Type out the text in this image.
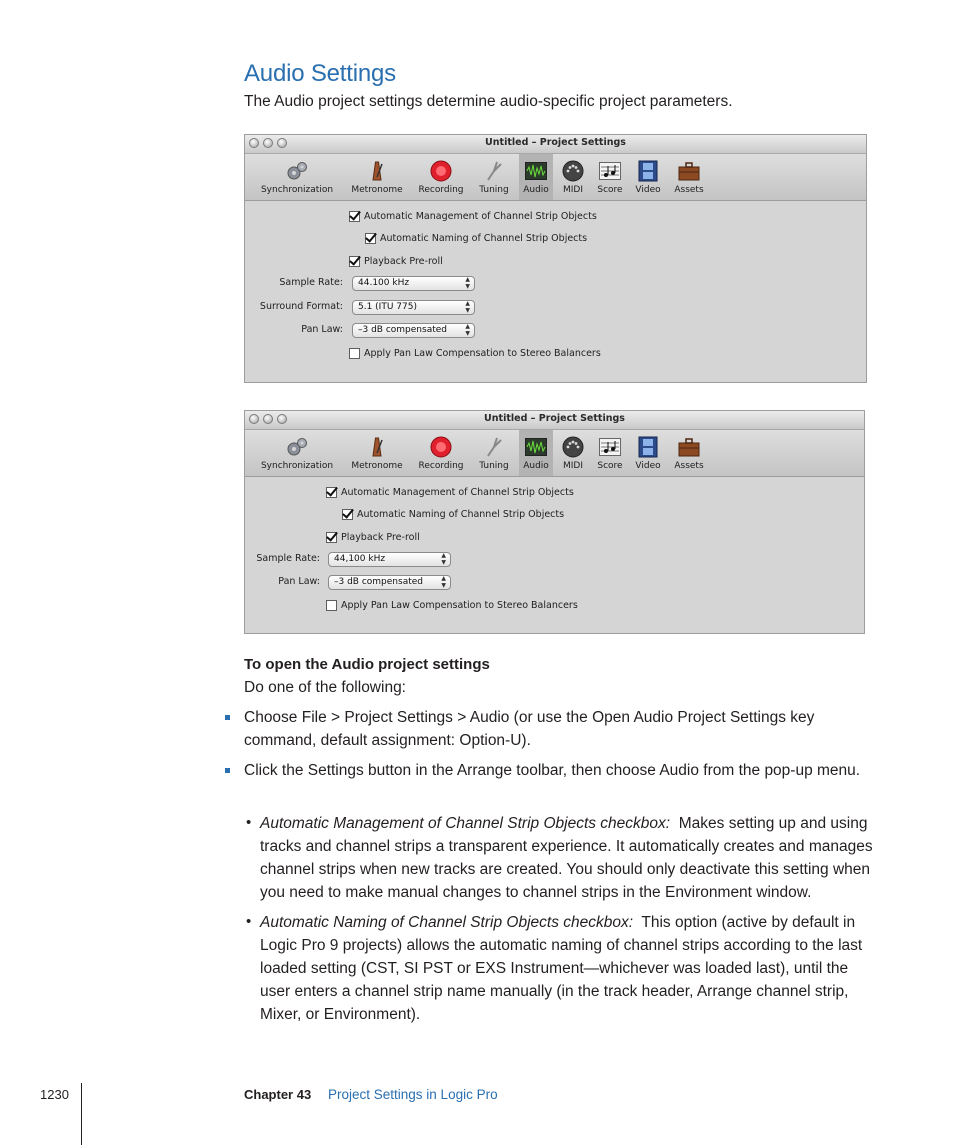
Audio Settings
The Audio project settings determine audio-specific project parameters.
Untitled – Project Settings
Synchronization	Metronome	Recording	Tuning	Audio	MIDI	Score	Video	Assets
Automatic Management of Channel Strip Objects
Automatic Naming of Channel Strip Objects
Playback Pre-roll
Sample Rate:	44.100 kHz	▲
▼
Surround Format:	5.1 (ITU 775)	▲
▼
Pan Law:	–3 dB compensated	▲
▼
Apply Pan Law Compensation to Stereo Balancers
Untitled – Project Settings
Synchronization	Metronome	Recording	Tuning	Audio	MIDI	Score	Video	Assets
Automatic Management of Channel Strip Objects
Automatic Naming of Channel Strip Objects
Playback Pre-roll
Sample Rate:	44,100 kHz	▲
▼
Pan Law:	–3 dB compensated	▲
▼
Apply Pan Law Compensation to Stereo Balancers
To open the Audio project settings
Do one of the following:
Choose File > Project Settings > Audio (or use the Open Audio Project Settings key command, default assignment: Option-U).
Click the Settings button in the Arrange toolbar, then choose Audio from the pop-up menu.
• Automatic Management of Channel Strip Objects checkbox: Makes setting up and using tracks and channel strips a transparent experience. It automatically creates and manages channel strips when new tracks are created. You should only deactivate this setting when you need to make manual changes to channel strips in the Environment window.
• Automatic Naming of Channel Strip Objects checkbox: This option (active by default in Logic Pro 9 projects) allows the automatic naming of channel strips according to the last loaded setting (CST, SI PST or EXS Instrument—whichever was loaded last), until the user enters a channel strip name manually (in the track header, Arrange channel strip, Mixer, or Environment).
1230	Chapter 43 Project Settings in Logic Pro
